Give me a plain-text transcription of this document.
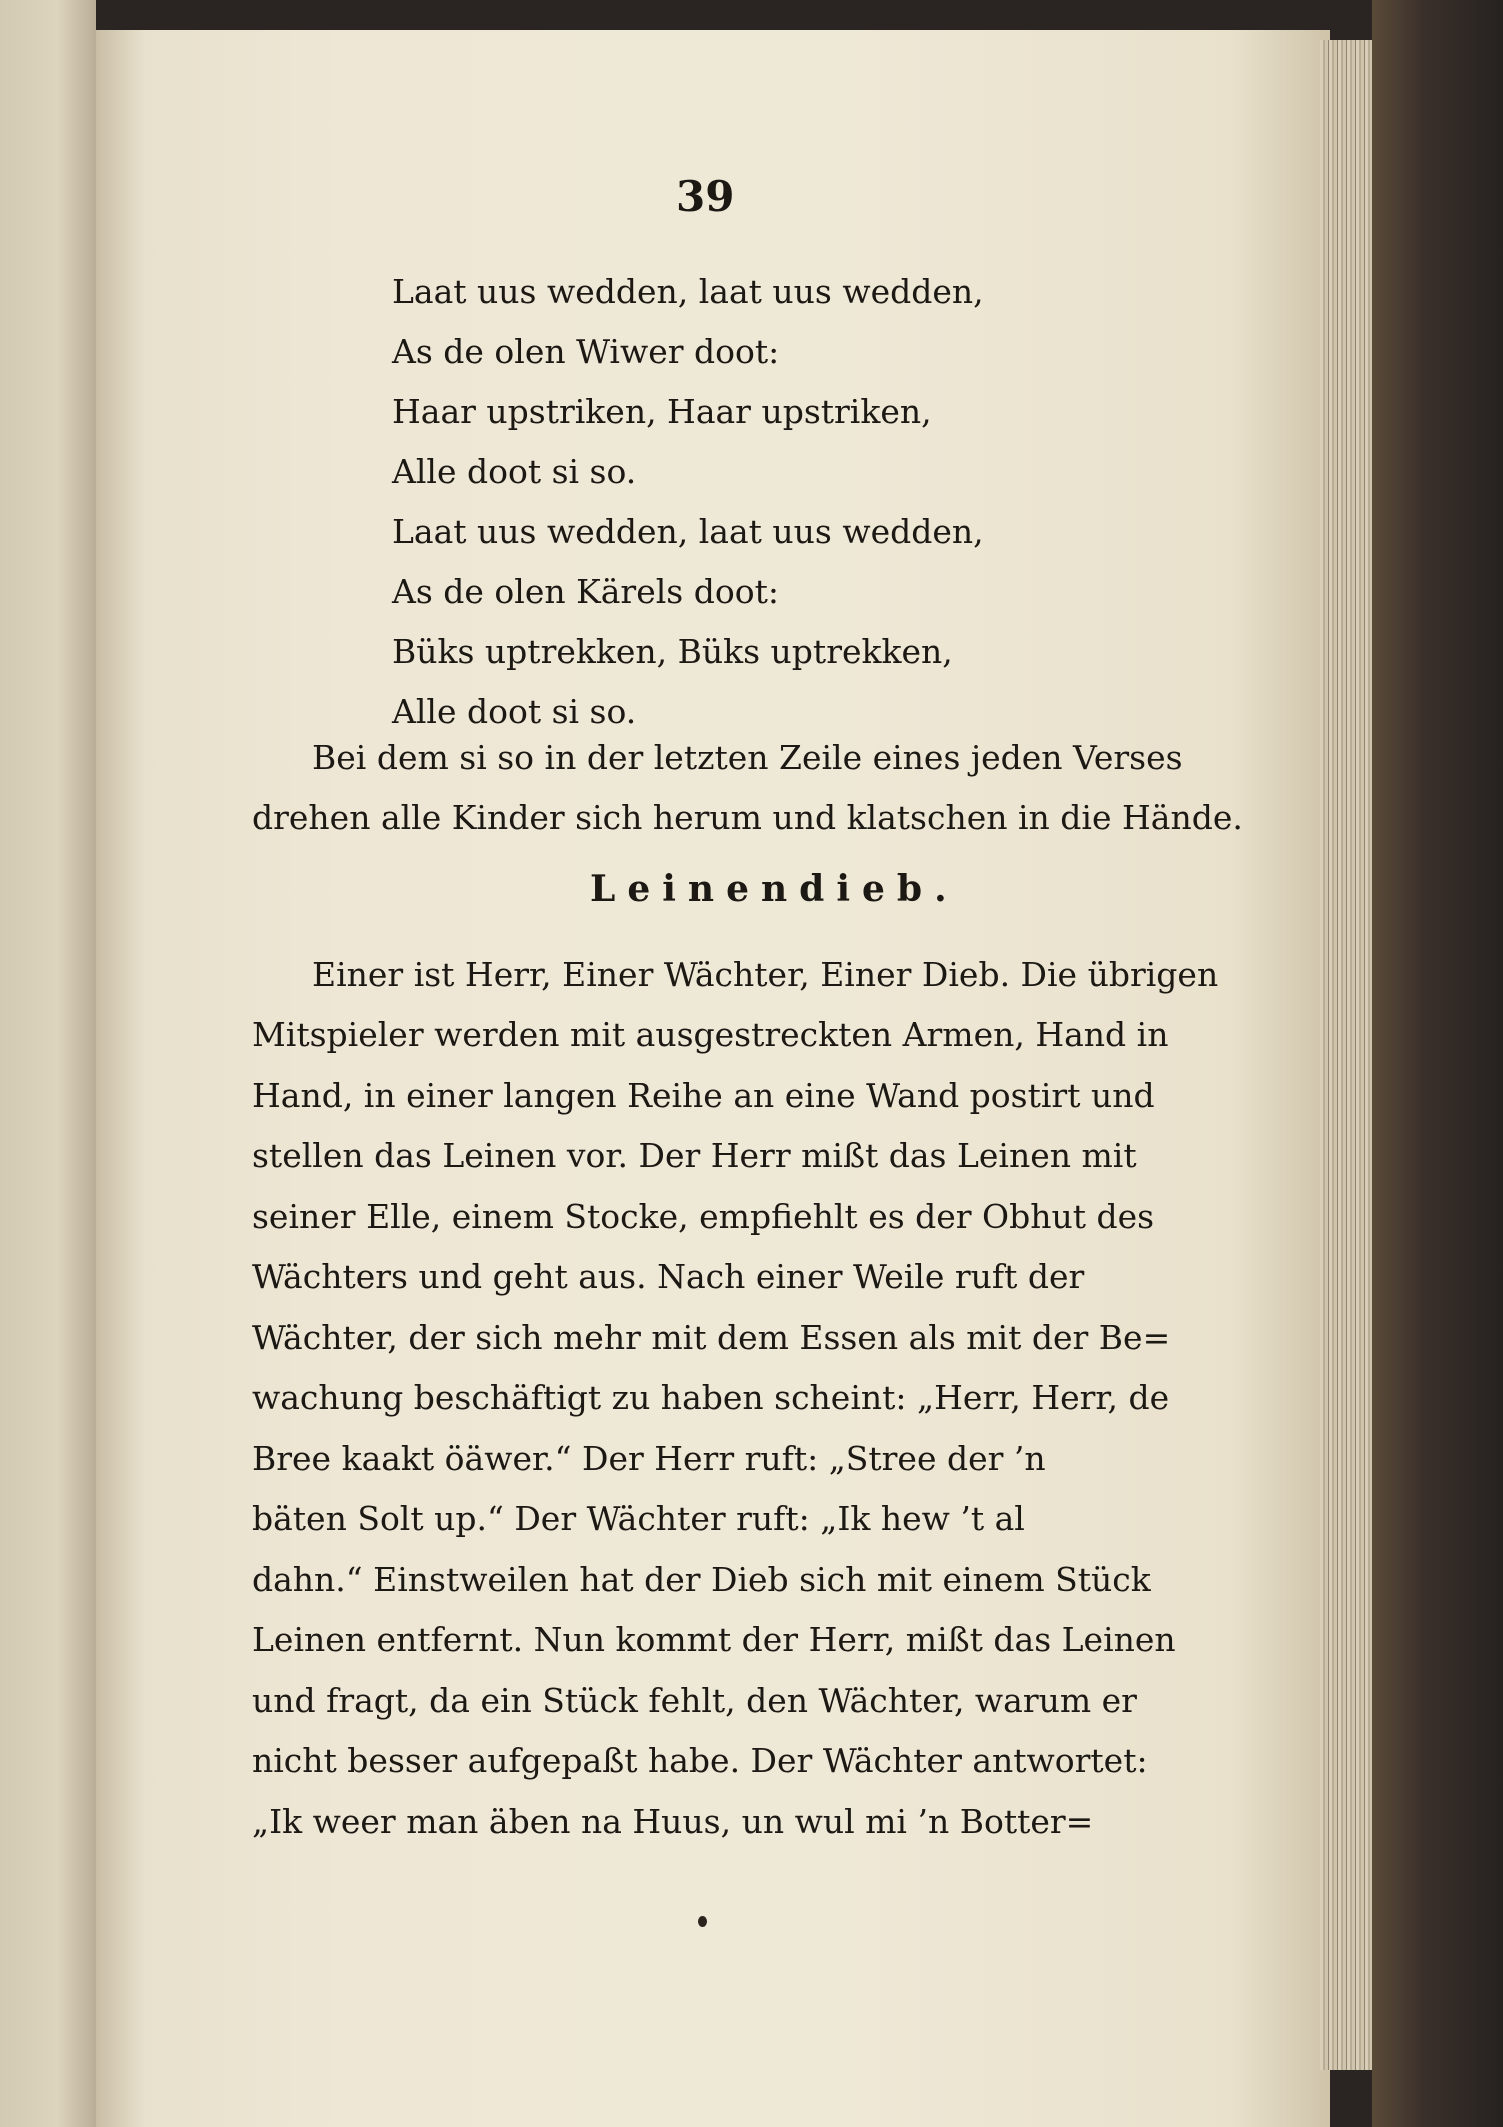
39
Laat uus wedden, laat uus wedden,
As de olen Wiwer doot:
Haar upstriken, Haar upstriken,
Alle doot si so.
Laat uus wedden, laat uus wedden,
As de olen Kärels doot:
Büks uptrekken, Büks uptrekken,
Alle doot si so.
Bei dem si so in der letzten Zeile eines jeden Verses
drehen alle Kinder sich herum und klatschen in die Hände.
Leinendieb.
Einer ist Herr, Einer Wächter, Einer Dieb. Die übrigen
Mitspieler werden mit ausgestreckten Armen, Hand in
Hand, in einer langen Reihe an eine Wand postirt und
stellen das Leinen vor. Der Herr mißt das Leinen mit
seiner Elle, einem Stocke, empfiehlt es der Obhut des
Wächters und geht aus. Nach einer Weile ruft der
Wächter, der sich mehr mit dem Essen als mit der Be=
wachung beschäftigt zu haben scheint: „Herr, Herr, de
Bree kaakt öäwer.“ Der Herr ruft: „Stree der ’n
bäten Solt up.“ Der Wächter ruft: „Ik hew ’t al
dahn.“ Einstweilen hat der Dieb sich mit einem Stück
Leinen entfernt. Nun kommt der Herr, mißt das Leinen
und fragt, da ein Stück fehlt, den Wächter, warum er
nicht besser aufgepaßt habe. Der Wächter antwortet:
„Ik weer man äben na Huus, un wul mi ’n Botter=
